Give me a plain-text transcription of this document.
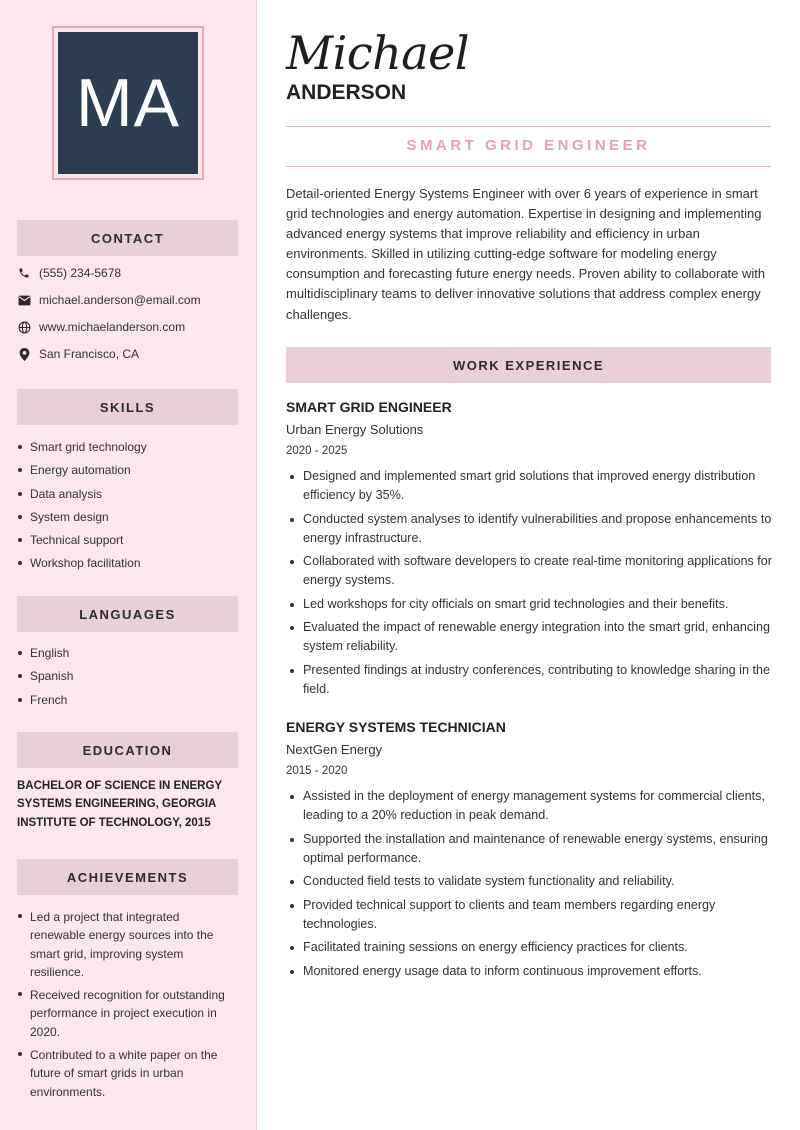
MA
CONTACT
(555) 234-5678
michael.anderson@email.com
www.michaelanderson.com
San Francisco, CA
SKILLS
Smart grid technology
Energy automation
Data analysis
System design
Technical support
Workshop facilitation
LANGUAGES
English
Spanish
French
EDUCATION
BACHELOR OF SCIENCE IN ENERGY SYSTEMS ENGINEERING, GEORGIA INSTITUTE OF TECHNOLOGY, 2015
ACHIEVEMENTS
Led a project that integrated renewable energy sources into the smart grid, improving system resilience.
Received recognition for outstanding performance in project execution in 2020.
Contributed to a white paper on the future of smart grids in urban environments.
Michael
ANDERSON
SMART GRID ENGINEER
Detail-oriented Energy Systems Engineer with over 6 years of experience in smart grid technologies and energy automation. Expertise in designing and implementing advanced energy systems that improve reliability and efficiency in urban environments. Skilled in utilizing cutting-edge software for modeling energy consumption and forecasting future energy needs. Proven ability to collaborate with multidisciplinary teams to deliver innovative solutions that address complex energy challenges.
WORK EXPERIENCE
SMART GRID ENGINEER
Urban Energy Solutions
2020 - 2025
Designed and implemented smart grid solutions that improved energy distribution efficiency by 35%.
Conducted system analyses to identify vulnerabilities and propose enhancements to energy infrastructure.
Collaborated with software developers to create real-time monitoring applications for energy systems.
Led workshops for city officials on smart grid technologies and their benefits.
Evaluated the impact of renewable energy integration into the smart grid, enhancing system reliability.
Presented findings at industry conferences, contributing to knowledge sharing in the field.
ENERGY SYSTEMS TECHNICIAN
NextGen Energy
2015 - 2020
Assisted in the deployment of energy management systems for commercial clients, leading to a 20% reduction in peak demand.
Supported the installation and maintenance of renewable energy systems, ensuring optimal performance.
Conducted field tests to validate system functionality and reliability.
Provided technical support to clients and team members regarding energy technologies.
Facilitated training sessions on energy efficiency practices for clients.
Monitored energy usage data to inform continuous improvement efforts.
